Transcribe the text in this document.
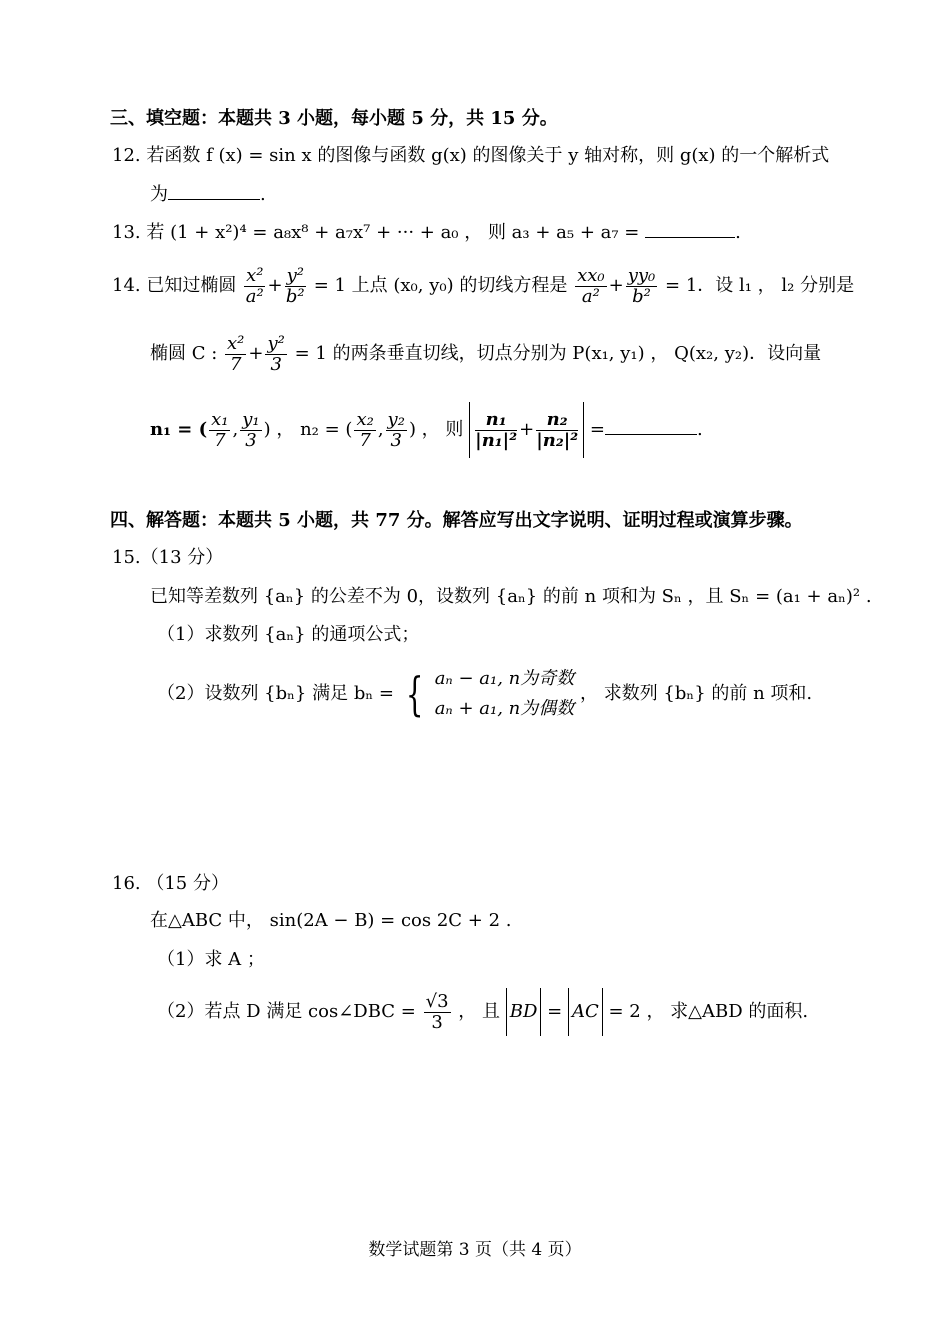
三、填空题：本题共 3 小题，每小题 5 分，共 15 分。
12. 若函数 f (x) = sin x 的图像与函数 g(x) 的图像关于 y 轴对称，则 g(x) 的一个解析式
为	.
13. 若 (1 + x²)⁴ = a₈x⁸ + a₇x⁷ + ··· + a₀ ， 则 a₃ + a₅ + a₇ =	.
14. 已知过椭圆 $\frac{\text{x²}}{\text{a²}} + \frac{\text{y²}}{\text{b²}} = 1$ 上点 (x₀, y₀) 的切线方程是 $\frac{\text{xx₀}}{\text{a²}} + \frac{\text{yy₀}}{\text{b²}} = 1$．设 l₁ ， l₂ 分别是
椭圆 C : $\frac{\text{x²}}{7} + \frac{\text{y²}}{3} = 1$ 的两条垂直切线，切点分别为 P(x₁, y₁) ， Q(x₂, y₂)．设向量
n₁ = ( $\frac{\text{x₁}}{7}$ , $\frac{\text{y₁}}{3}$ ) ， n₂ = ( $\frac{\text{x₂}}{7}$ , $\frac{\text{y₂}}{3}$ ) ， 则 $\frac{\text{n₁}}{\text{|n₁|²}} + \frac{\text{n₂}}{\text{|n₂|²}}$ =	.
四、解答题：本题共 5 小题，共 77 分。解答应写出文字说明、证明过程或演算步骤。
15.（13 分）
已知等差数列 {aₙ} 的公差不为 0，设数列 {aₙ} 的前 n 项和为 Sₙ ，且 Sₙ = (a₁ + aₙ)² .
（1）求数列 {aₙ} 的通项公式；
（2）设数列 {bₙ} 满足 bₙ = { aₙ − a₁, n为奇数
aₙ + a₁, n为偶数
， 求数列 {bₙ} 的前 n 项和.
16. （15 分）
在△ABC 中， sin(2A − B) = cos 2C + 2 .
（1）求 A ；
（2）若点 D 满足 cos∠DBC = $\frac{√3}{3}$ ， 且 BD = AC = 2 ， 求△ABD 的面积.
数学试题第 3 页（共 4 页）
